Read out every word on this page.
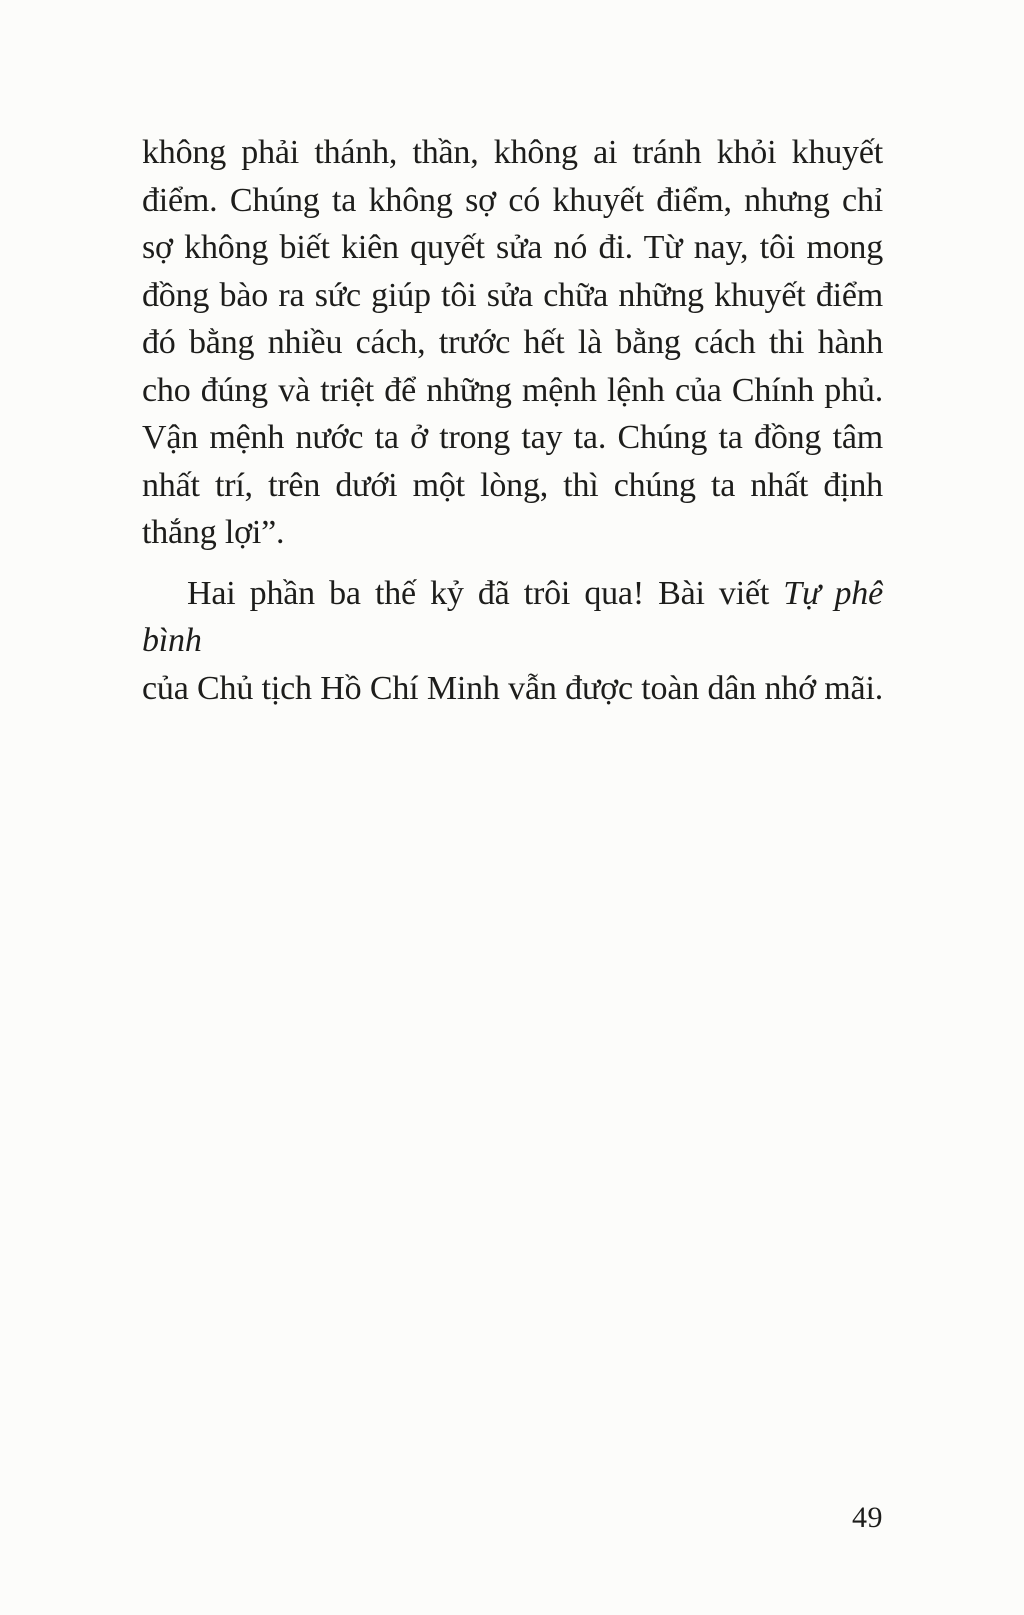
không phải thánh, thần, không ai tránh khỏi khuyết
điểm. Chúng ta không sợ có khuyết điểm, nhưng chỉ
sợ không biết kiên quyết sửa nó đi. Từ nay, tôi mong
đồng bào ra sức giúp tôi sửa chữa những khuyết điểm
đó bằng nhiều cách, trước hết là bằng cách thi hành
cho đúng và triệt để những mệnh lệnh của Chính phủ.
Vận mệnh nước ta ở trong tay ta. Chúng ta đồng tâm
nhất trí, trên dưới một lòng, thì chúng ta nhất định
thắng lợi”.
Hai phần ba thế kỷ đã trôi qua! Bài viết Tự phê bình
của Chủ tịch Hồ Chí Minh vẫn được toàn dân nhớ mãi.
49
